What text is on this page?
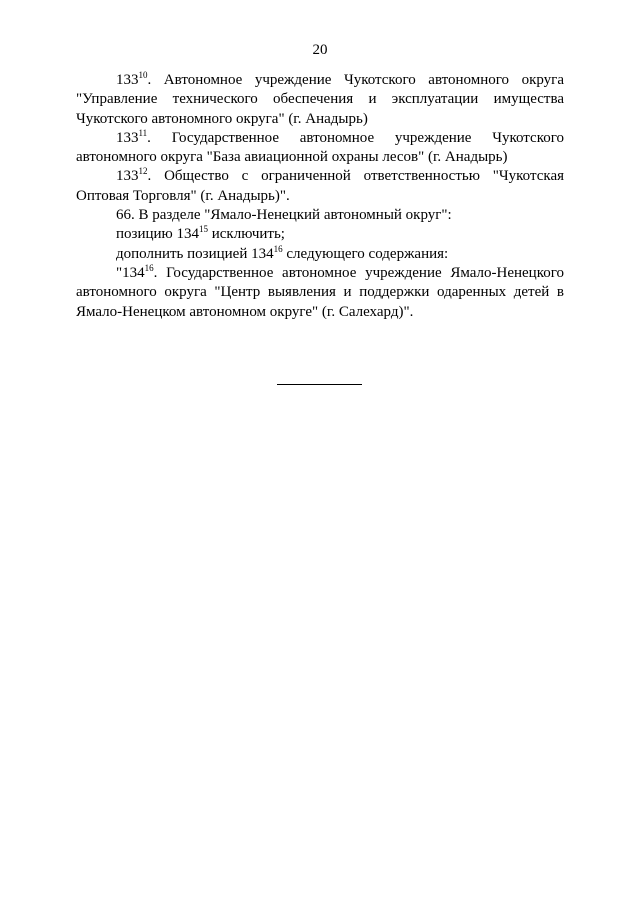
20

$133^{10}$. Автономное учреждение Чукотского автономного округа "Управление технического обеспечения и эксплуатации имущества Чукотского автономного округа" (г. Анадырь)

$133^{11}$. Государственное автономное учреждение Чукотского автономного округа "База авиационной охраны лесов" (г. Анадырь)

$133^{12}$. Общество с ограниченной ответственностью "Чукотская Оптовая Торговля" (г. Анадырь)".

66. В разделе "Ямало-Ненецкий автономный округ":

позицию $134^{15}$ исключить;

дополнить позицией $134^{16}$ следующего содержания:

"$134^{16}$. Государственное автономное учреждение Ямало-Ненецкого автономного округа "Центр выявления и поддержки одаренных детей в Ямало-Ненецком автономном округе" (г. Салехард)".
